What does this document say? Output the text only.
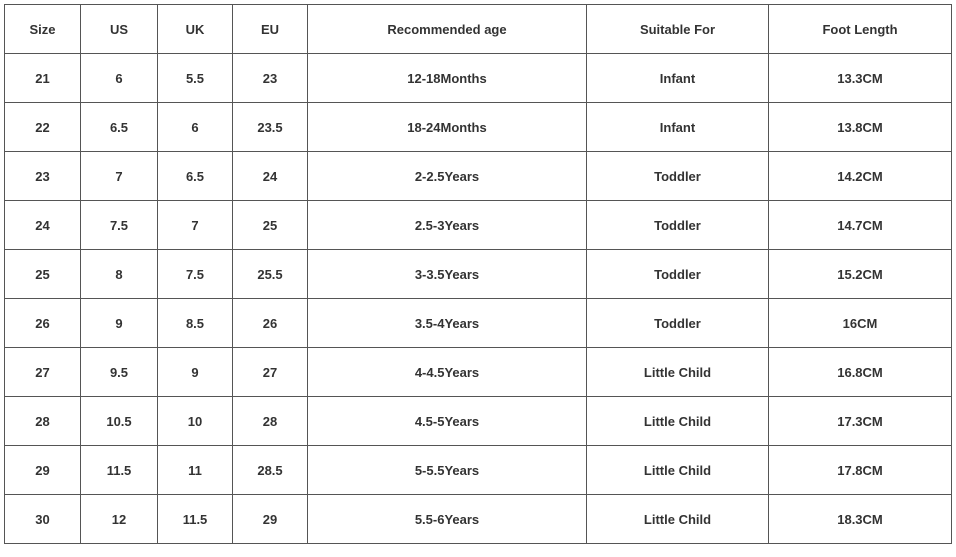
Size	US	UK	EU	Recommended age	Suitable For	Foot Length
21	6	5.5	23	12-18Months	Infant	13.3CM
22	6.5	6	23.5	18-24Months	Infant	13.8CM
23	7	6.5	24	2-2.5Years	Toddler	14.2CM
24	7.5	7	25	2.5-3Years	Toddler	14.7CM
25	8	7.5	25.5	3-3.5Years	Toddler	15.2CM
26	9	8.5	26	3.5-4Years	Toddler	16CM
27	9.5	9	27	4-4.5Years	Little Child	16.8CM
28	10.5	10	28	4.5-5Years	Little Child	17.3CM
29	11.5	11	28.5	5-5.5Years	Little Child	17.8CM
30	12	11.5	29	5.5-6Years	Little Child	18.3CM
